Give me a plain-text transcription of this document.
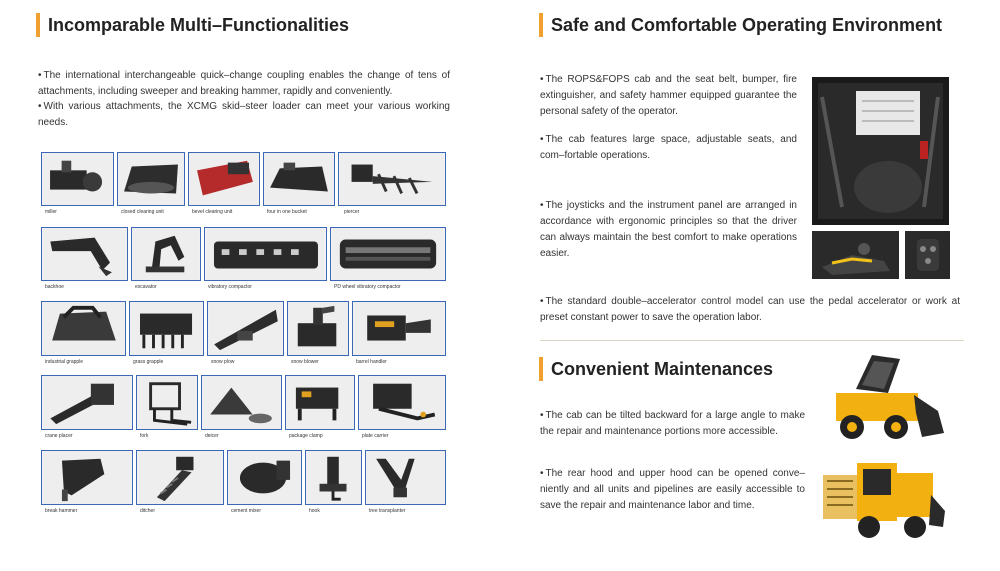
Incomparable Multi–Functionalities
• The international interchangeable quick–change coupling enables the change of tens of attachments, including sweeper and breaking hammer, rapidly and conveniently.
• With various attachments, the XCMG skid–steer loader can meet your various working needs.
miller	closed clearing unit	bevel clearing unit	four in one bucket	piercer
backhoe	excavator	vibratory compactor	PD wheel vibratory compactor
industrial grapple	grass grapple	snow plow	snow blower	barrel handler
crane placer	fork	deicer	package clamp	plate carrier
break hammer	ditcher	cement mixer	hook	tree transplanter
Safe and Comfortable Operating Environment
• The ROPS&FOPS cab and the seat belt, bumper, fire extinguisher, and safety hammer equipped guarantee the personal safety of the operator.
• The cab features large space, adjustable seats, and com–fortable operations.
• The joysticks and the instrument panel are arranged in accordance with ergonomic principles so that the driver can always maintain the best comfort to make operations easier.
• The standard double–accelerator control model can use the pedal accelerator or work at preset constant power to save the operation labor.
Convenient Maintenances
• The cab can be tilted backward for a large angle to make the repair and maintenance portions more accessible.
• The rear hood and upper hood can be opened conve–niently and all units and pipelines are easily accessible to save the repair and maintenance labor and time.
